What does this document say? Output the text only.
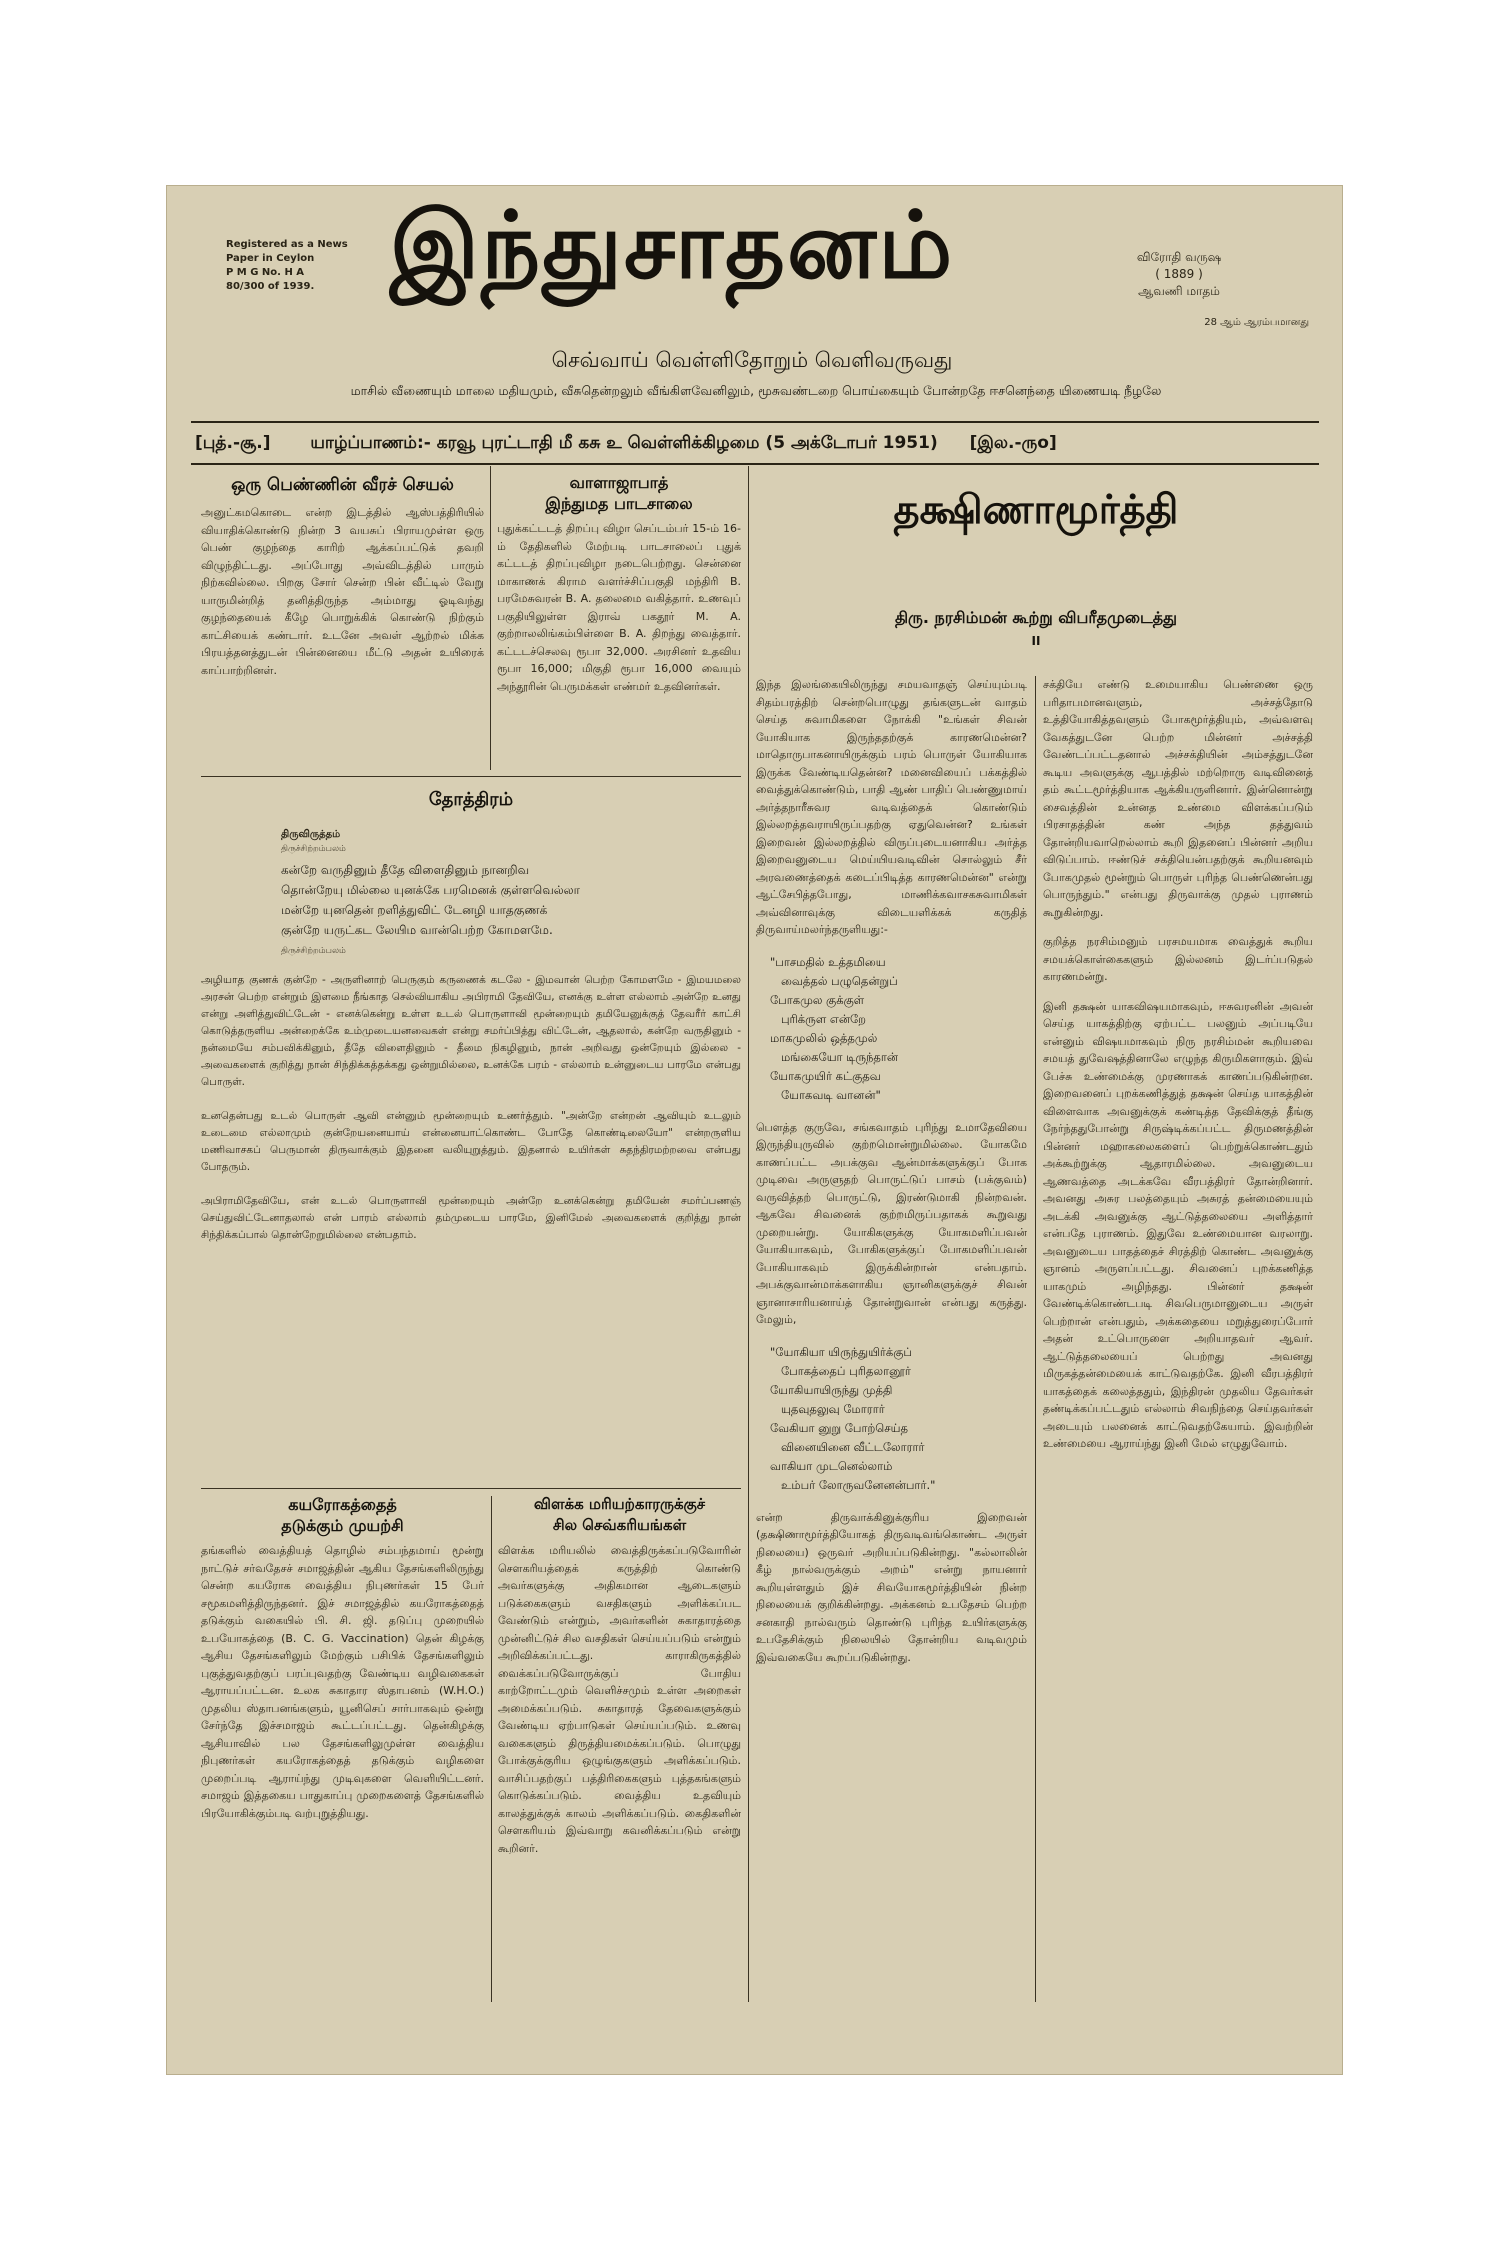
Registered as a News
Paper in Ceylon
P M G No. H A
80/300 of 1939. இந்துசாதனம்	விரோதி வருஷ
( 1889 )
ஆவணி மாதம்
28 ஆம் ஆரம்பமானது
செவ்வாய் வெள்ளிதோறும் வெளிவருவது
மாசில் வீணையும் மாலை மதியமும், வீசுதென்றலும் வீங்கிளவேனிலும், மூசுவண்டறை பொய்கையும் போன்றதே ஈசனெந்தை யிணையடி நீழலே
[புத்.-சூ.] யாழ்ப்பாணம்:- கரவூ புரட்டாதி மீ கசு உ வெள்ளிக்கிழமை (5 அக்டோபர் 1951) [இல.-ருo]
ஒரு பெண்ணின் வீரச் செயல்
அனுட்கமகொடை என்ற இடத்தில் ஆஸ்பத்திரியில் வியாதிக்கொண்டு நின்ற 3 வயசுப் பிராயமுள்ள ஒரு பெண் குழந்தை காரிற் ஆக்கப்பட்டுக் தவறி விழுந்திட்டது. அப்போது அவ்விடத்தில் பாரும் நிற்கவில்லை. பிறகு சோர் சென்ற பின் வீட்டில் வேறு யாருமின்றித் தனித்திருந்த அம்மாது ஓடிவந்து குழந்தையைக் கீழே பொறுக்கிக் கொண்டு நிற்கும் காட்சியைக் கண்டார். உடனே அவள் ஆற்றல் மிக்க பிரயத்தனத்துடன் பின்னையை மீட்டு அதன் உயிரைக் காப்பாற்றினள்.
வாளாஜாபாத்
இந்துமத பாடசாலை
புதுக்கட்டடத் திறப்பு விழா செப்டம்பர் 15-ம் 16-ம் தேதிகளில் மேற்படி பாடசாலைப் புதுக் கட்டடத் திறப்புவிழா நடைபெற்றது. சென்னை மாகாணக் கிராம வளர்ச்சிப்பகுதி மந்திரி B. பரமேசுவரன் B. A. தலைமை வகித்தார். உணவுப் பகுதியிலுள்ள இராவ் பகதூர் M. A. குற்றாலலிங்கம்பிள்ளை B. A. திறந்து வைத்தார். கட்டடச்செலவு ரூபா 32,000. அரசினர் உதவிய ரூபா 16,000; மிகுதி ரூபா 16,000 வையும் அந்தூரின் பெருமக்கள் எண்மர் உதவினர்கள்.
தோத்திரம்
திருவிருத்தம்
திருச்சிற்றம்பலம்
கன்றே வருதினும் தீதே விளைதினும் நானறிவ
தொன்றேயு மில்லை யுனக்கே பரமெனக் குள்ளவெல்லா
மன்றே யுனதென் றளித்துவிட் டேனழி யாதகுணக்
குன்றே யருட்கட லேயிம வான்பெற்ற கோமளமே.
திருச்சிற்றம்பலம்
அழியாத குணக் குன்றே - அருளினாற் பெருகும் கருணைக் கடலே - இமவான் பெற்ற கோமளமே - இமயமலை அரசன் பெற்ற என்றும் இளமை நீங்காத செல்வியாகிய அபிராமி தேவியே, எனக்கு உள்ள எல்லாம் அன்றே உனது என்று அளித்துவிட்டேன் - எனக்கென்று உள்ள உடல் பொருளாவி மூன்றையும் தமியேனுக்குத் தேவரீர் காட்சி கொடுத்தருளிய அன்றைக்கே உம்முடையனவைகள் என்று சமர்ப்பித்து விட்டேன், ஆதலால், கன்றே வருதினும் - நன்மையே சம்பவிக்கினும், தீதே விளைதினும் - தீமை நிகழினும், நான் அறிவது ஒன்றேயும் இல்லை - அவைகளைக் குறித்து நான் சிந்திக்கத்தக்கது ஒன்றுமில்லை, உனக்கே பரம் - எல்லாம் உன்னுடைய பாரமே என்பது பொருள்.

உனதென்பது உடல் பொருள் ஆவி என்னும் மூன்றையும் உணர்த்தும். "அன்றே என்றன் ஆவியும் உடலும் உடைமை எல்லாமும் குன்றேயனையாய் என்னையாட்கொண்ட போதே கொண்டிலையோ" என்றருளிய மணிவாசகப் பெருமான் திருவாக்கும் இதனை வலியுறுத்தும். இதனால் உயிர்கள் சுதந்திரமற்றவை என்பது போதரும்.

அபிராமிதேவியே, என் உடல் பொருளாவி மூன்றையும் அன்றே உனக்கென்று தமியேன் சமர்ப்பணஞ் செய்துவிட்டேனாதலால் என் பாரம் எல்லாம் தம்முடைய பாரமே, இனிமேல் அவைகளைக் குறித்து நான் சிந்திக்கப்பால் தொன்றேறுமில்லை என்பதாம்.
கயரோகத்தைத்
தடுக்கும் முயற்சி
தங்களில் வைத்தியத் தொழில் சம்பந்தமாய் மூன்று நாட்டுச் சர்வதேசச் சமாஜத்தின் ஆகிய தேசங்களிலிருந்து சென்ற கயரோக வைத்திய நிபுணர்கள் 15 பேர் சமூகமளித்திருந்தனர். இச் சமாஜத்தில் கயரோகத்தைத் தடுக்கும் வகையில் பி. சி. ஜி. தடுப்பு முறையில் உபயோகத்தை (B. C. G. Vaccination) தென் கிழக்கு ஆசிய தேசங்களிலும் மேற்கும் பசிபிக் தேசங்களிலும் புகுத்துவதற்குப் பரப்புவதற்கு வேண்டிய வழிவகைகள் ஆராயப்பட்டன. உலக சுகாதார ஸ்தாபனம் (W.H.O.) முதலிய ஸ்தாபனங்களும், யூனிசெப் சார்பாகவும் ஒன்று சேர்ந்தே இச்சமாஜம் கூட்டப்பட்டது. தென்கிழக்கு ஆசியாவில் பல தேசங்களிலுமுள்ள வைத்திய நிபுணர்கள் கயரோகத்தைத் தடுக்கும் வழிகளை முறைப்படி ஆராய்ந்து முடிவுகளை வெளியிட்டனர். சமாஜம் இத்தகைய பாதுகாப்பு முறைகளைத் தேசங்களில் பிரயோகிக்கும்படி வற்புறுத்தியது.
விளக்க மரியற்காரருக்குச்
சில செவ்கரியங்கள்
விளக்க மரியலில் வைத்திருக்கப்படுவோரின் சௌகரியத்தைக் கருத்திற் கொண்டு அவர்களுக்கு அதிகமான ஆடைகளும் படுக்கைகளும் வசதிகளும் அளிக்கப்பட வேண்டும் என்றும், அவர்களின் சுகாதாரத்தை முன்னிட்டுச் சில வசதிகள் செய்யப்படும் என்றும் அறிவிக்கப்பட்டது. காராகிருகத்தில் வைக்கப்படுவோருக்குப் போதிய காற்றோட்டமும் வெளிச்சமும் உள்ள அறைகள் அமைக்கப்படும். சுகாதாரத் தேவைகளுக்கும் வேண்டிய ஏற்பாடுகள் செய்யப்படும். உணவு வகைகளும் திருத்தியமைக்கப்படும். பொழுது போக்குக்குரிய ஒழுங்குகளும் அளிக்கப்படும். வாசிப்பதற்குப் பத்திரிகைகளும் புத்தகங்களும் கொடுக்கப்படும். வைத்திய உதவியும் காலத்துக்குக் காலம் அளிக்கப்படும். கைதிகளின் சௌகரியம் இவ்வாறு கவனிக்கப்படும் என்று கூறினர்.
தக்ஷிணாமூர்த்தி
திரு. நரசிம்மன் கூற்று விபரீதமுடைத்து
II
இந்த இலங்கையிலிருந்து சமயவாதஞ் செய்யும்படி சிதம்பரத்திற் சென்றபொழுது தங்களுடன் வாதம் செய்த சுவாமிகளை நோக்கி "உங்கள் சிவன் யோகியாக இருந்ததற்குக் காரணமென்ன? மாதொருபாகனாயிருக்கும் பரம் பொருள் யோகியாக இருக்க வேண்டியதென்ன? மனைவியைப் பக்கத்தில் வைத்துக்கொண்டும், பாதி ஆண் பாதிப் பெண்ணுமாய் அர்த்தநாரீசுவர வடிவத்தைக் கொண்டும் இல்லறத்தவராயிருப்பதற்கு ஏதுவென்ன? உங்கள் இறைவன் இல்லறத்தில் விருப்புடையனாகிய அர்த்த இறைவனுடைய மெய்யியவடிவின் சொல்லும் சீர் அரவணைத்தைக் கடைப்பிடித்த காரணமென்ன" என்று ஆட்சேபித்தபோது, மாணிக்கவாசகசுவாமிகள் அவ்வினாவுக்கு விடையளிக்கக் கருதித் திருவாய்மலர்ந்தருளியது:-
"பாசமதில் உத்தமியை
வைத்தல் பழுதென்றுப்
போகமுல குக்குள்
புரிக்ருள என்றே
மாகமுலில் ஒத்தமுல்
மங்கையோ டிருந்தான்
யோகமுயிர் கட்குதவ
யோகவடி வானன்"
பௌத்த குருவே, சங்கவாதம் புரிந்து உமாதேவியை இருந்தியுருவில் குற்றமொன்றுமில்லை. யோகமே காணப்பட்ட அபக்குவ ஆன்மாக்களுக்குப் போக முடிவை அருளுதற் பொருட்டுப் பாசம் (பக்குவம்) வருவித்தற் பொருட்டு, இரண்டுமாகி நின்றவன். ஆகவே சிவனைக் குற்றமிருப்பதாகக் கூறுவது முறையன்று. யோகிகளுக்கு யோகமளிப்பவன் யோகியாகவும், போகிகளுக்குப் போகமளிப்பவன் போகியாகவும் இருக்கின்றான் என்பதாம். அபக்குவான்மாக்களாகிய ஞானிகளுக்குச் சிவன் ஞானாசாரியனாய்த் தோன்றுவான் என்பது கருத்து. மேலும்,
"யோகியா யிருந்துயிர்க்குப்
போகத்தைப் புரிதலானூர்
யோகியாயிருந்து முத்தி
யுதவுதலுவு மோரார்
வேகியா னுறு போற்செய்த
வினையினை வீட்டலோரார்
வாகியா முடனெல்லாம்
உம்பர் லோருவனேனன்பார்."
என்ற திருவாக்கினுக்குரிய இறைவன் (தக்ஷிணாமூர்த்தியோகத் திருவடிவங்கொண்ட அருள் நிலையை) ஒருவர் அறியப்படுகின்றது. "கல்லாலின் கீழ் நால்வருக்கும் அறம்" என்று நாயனார் கூறியுள்ளதும் இச் சிவயோகமூர்த்தியின் நின்ற நிலையைக் குறிக்கின்றது. அக்கனம் உபதேசம் பெற்ற சனகாதி நால்வரும் தொண்டு புரிந்த உயிர்களுக்கு உபதேசிக்கும் நிலையில் தோன்றிய வடிவமும் இவ்வகையே கூறப்படுகின்றது.
சக்தியே எண்டு உமையாகிய பெண்ணை ஒரு பரிதாபமானவளும், அச்சத்தோடு உத்தியோகித்தவளும் போகமூர்த்தியும், அவ்வளவு வேகத்துடனே பெற்ற மின்னர் அச்சத்தி வேண்டப்பட்டதனால் அச்சக்தியின் அம்சத்துடனே கூடிய அவளுக்கு ஆபத்தில் மற்றொரு வடிவினைத் தம் கூட்டமூர்த்தியாக ஆக்கியருளினார். இன்னொன்று சைவத்தின் உன்னத உண்மை விளக்கப்படும் பிரசாதத்தின் கண் அந்த தத்துவம் தோன்றியவாறெல்லாம் கூறி இதனைப் பின்னர் அறிய விடுப்பாம். ஈண்டுச் சக்தியென்பதற்குக் கூறியனவும் போகமுதல் மூன்றும் பொருள் புரிந்த பெண்ணென்பது பொருந்தும்." என்பது திருவாக்கு முதல் புராணம் கூறுகின்றது.
குறித்த நரசிம்மனும் பரசமயமாக வைத்துக் கூறிய சமயக்கொள்கைகளும் இல்லனம் இடர்ப்படுதல் காரணமன்று.
இனி தக்ஷன் யாகவிஷயமாகவும், ஈசுவரனின் அவன் செய்த யாகத்திற்கு ஏற்பட்ட பலனும் அப்படியே என்னும் விஷயமாகவும் நிரு நரசிம்மன் கூறியவை சமயத் துவேஷத்தினாலே எழுந்த கிருமிகளாகும். இவ் பேச்சு உண்மைக்கு முரணாகக் காணப்படுகின்றன. இறைவனைப் புறக்கணித்துத் தக்ஷன் செய்த யாகத்தின் விளைவாக அவனுக்குக் கண்டித்த தேவிக்குத் தீங்கு நேர்ந்ததுபோன்று சிருஷ்டிக்கப்பட்ட திருமணத்தின் பின்னர் மஹாகலைகளைப் பெற்றுக்கொண்டதும் அக்கூற்றுக்கு ஆதாரமில்லை. அவனுடைய ஆணவத்தை அடக்கவே வீரபத்திரர் தோன்றினார். அவனது அசுர பலத்தையும் அசுரத் தன்மையையும் அடக்கி அவனுக்கு ஆட்டுத்தலையை அளித்தார் என்பதே புராணம். இதுவே உண்மையான வரலாறு. அவனுடைய பாதத்தைச் சிரத்திற் கொண்ட அவனுக்கு ஞானம் அருளப்பட்டது. சிவனைப் புறக்கணித்த யாகமும் அழிந்தது. பின்னர் தக்ஷன் வேண்டிக்கொண்டபடி சிவபெருமானுடைய அருள் பெற்றான் என்பதும், அக்கதையை மறுத்துரைப்போர் அதன் உட்பொருளை அறியாதவர் ஆவர். ஆட்டுத்தலையைப் பெற்றது அவனது மிருகத்தன்மையைக் காட்டுவதற்கே. இனி வீரபத்திரர் யாகத்தைக் கலைத்ததும், இந்திரன் முதலிய தேவர்கள் தண்டிக்கப்பட்டதும் எல்லாம் சிவநிந்தை செய்தவர்கள் அடையும் பலனைக் காட்டுவதற்கேயாம். இவற்றின் உண்மையை ஆராய்ந்து இனி மேல் எழுதுவோம்.
